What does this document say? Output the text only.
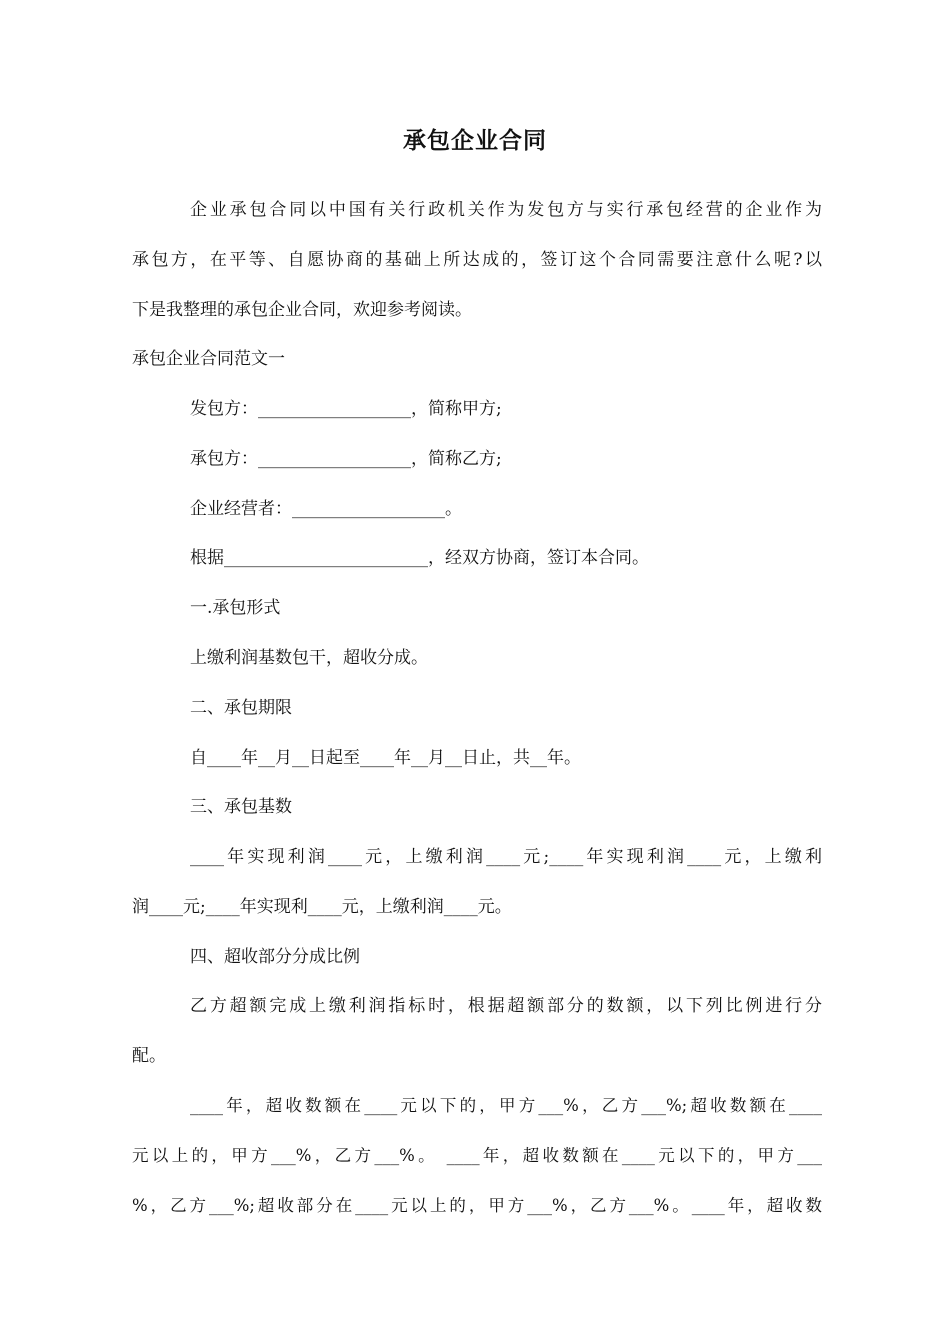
承包企业合同
企业承包合同以中国有关行政机关作为发包方与实行承包经营的企业作为
承包方，在平等、自愿协商的基础上所达成的，签订这个合同需要注意什么呢?以
下是我整理的承包企业合同，欢迎参考阅读。
承包企业合同范文一
发包方：__________________，简称甲方;
承包方：__________________，简称乙方;
企业经营者：__________________。
根据________________________，经双方协商，签订本合同。
一.承包形式
上缴利润基数包干，超收分成。
二、承包期限
自____年__月__日起至____年__月__日止，共__年。
三、承包基数
____年实现利润____元，上缴利润____元;____年实现利润____元，上缴利
润____元;____年实现利____元，上缴利润____元。
四、超收部分分成比例
乙方超额完成上缴利润指标时，根据超额部分的数额，以下列比例进行分
配。
____年，超收数额在____元以下的，甲方___%，乙方___%;超收数额在____
元以上的，甲方___%，乙方___%。 ____年，超收数额在____元以下的，甲方___
%，乙方___%;超收部分在____元以上的，甲方___%，乙方___%。____年，超收数
